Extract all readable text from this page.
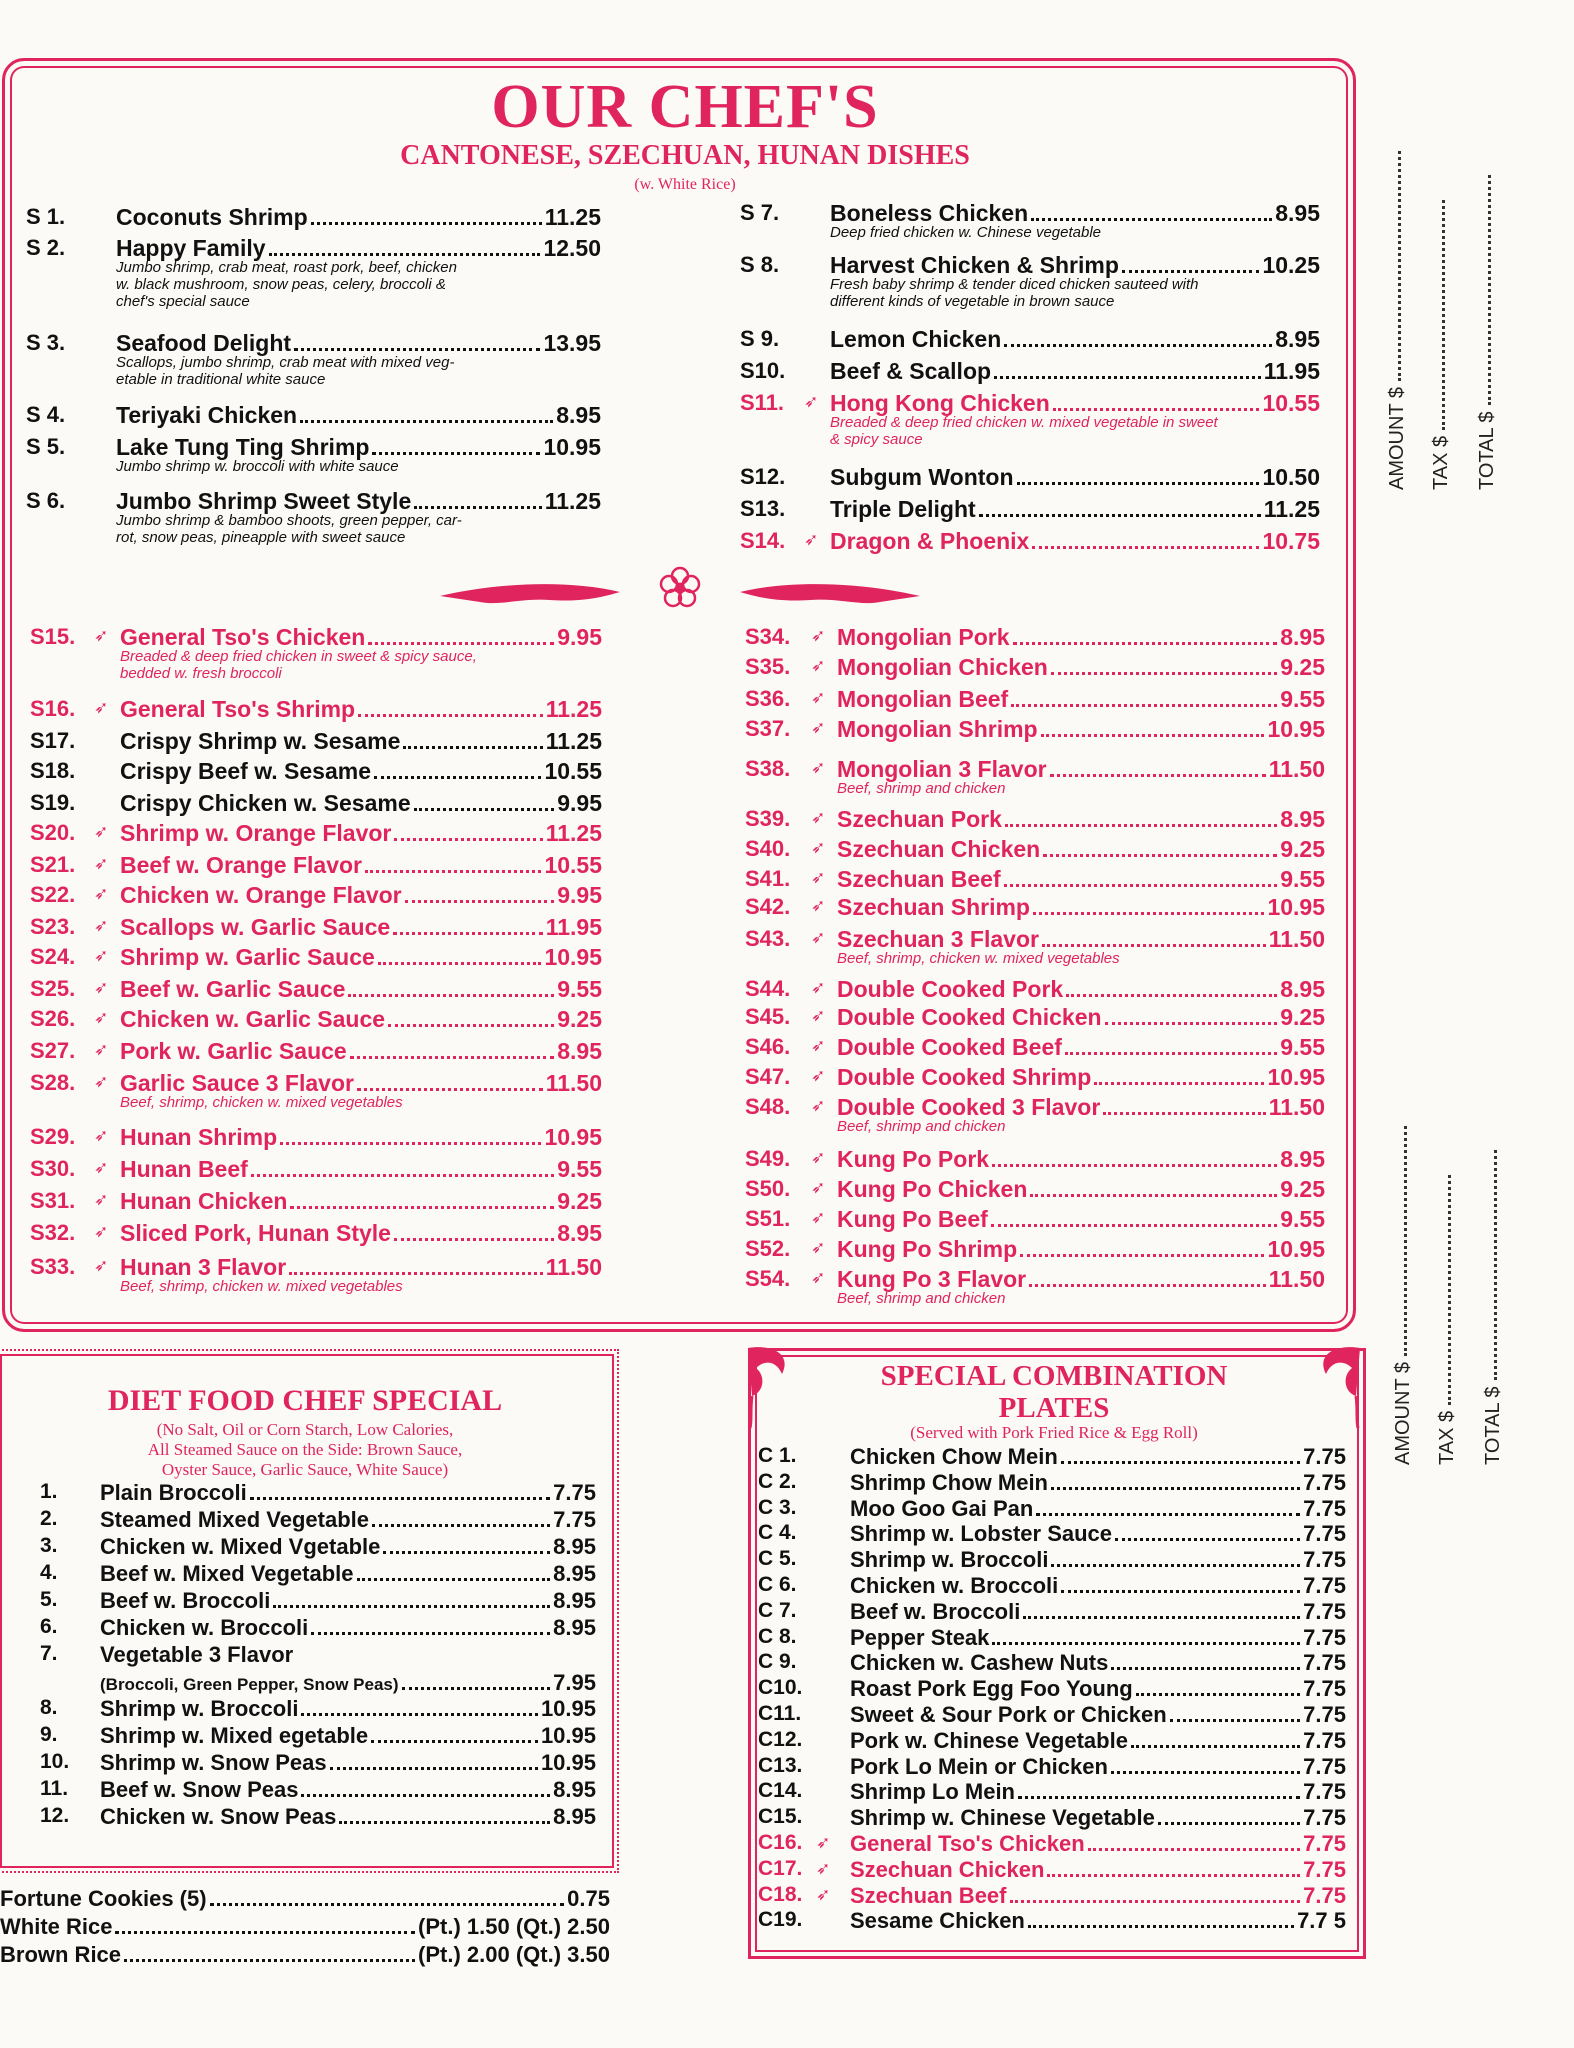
OUR CHEF'S
CANTONESE, SZECHUAN, HUNAN DISHES
(w. White Rice)
S 1. Coconuts Shrimp	11.25
S 2. Happy Family	12.50
Jumbo shrimp, crab meat, roast pork, beef, chicken
w. black mushroom, snow peas, celery, broccoli &
chef's special sauce
S 3. Seafood Delight	13.95
Scallops, jumbo shrimp, crab meat with mixed veg-
etable in traditional white sauce
S 4. Teriyaki Chicken	8.95
S 5. Lake Tung Ting Shrimp	10.95
Jumbo shrimp w. broccoli with white sauce
S 6. Jumbo Shrimp Sweet Style	11.25
Jumbo shrimp & bamboo shoots, green pepper, car-
rot, snow peas, pineapple with sweet sauce
S 7. Boneless Chicken	8.95
Deep fried chicken w. Chinese vegetable
S 8. Harvest Chicken & Shrimp	10.25
Fresh baby shrimp & tender diced chicken sauteed with
different kinds of vegetable in brown sauce
S 9. Lemon Chicken	8.95
S10. Beef & Scallop	11.95
S11. ➶ Hong Kong Chicken	10.55
Breaded & deep fried chicken w. mixed vegetable in sweet
& spicy sauce
S12. Subgum Wonton	10.50
S13. Triple Delight	11.25
S14. ➶ Dragon & Phoenix	10.75
S15. ➶ General Tso's Chicken	9.95
Breaded & deep fried chicken in sweet & spicy sauce,
bedded w. fresh broccoli
S16. ➶ General Tso's Shrimp	11.25
S17. Crispy Shrimp w. Sesame	11.25
S18. Crispy Beef w. Sesame	10.55
S19. Crispy Chicken w. Sesame	9.95
S20. ➶ Shrimp w. Orange Flavor	11.25
S21. ➶ Beef w. Orange Flavor	10.55
S22. ➶ Chicken w. Orange Flavor	9.95
S23. ➶ Scallops w. Garlic Sauce	11.95
S24. ➶ Shrimp w. Garlic Sauce	10.95
S25. ➶ Beef w. Garlic Sauce	9.55
S26. ➶ Chicken w. Garlic Sauce	9.25
S27. ➶ Pork w. Garlic Sauce	8.95
S28. ➶ Garlic Sauce 3 Flavor	11.50
Beef, shrimp, chicken w. mixed vegetables
S29. ➶ Hunan Shrimp	10.95
S30. ➶ Hunan Beef	9.55
S31. ➶ Hunan Chicken	9.25
S32. ➶ Sliced Pork, Hunan Style	8.95
S33. ➶ Hunan 3 Flavor	11.50
Beef, shrimp, chicken w. mixed vegetables
S34. ➶ Mongolian Pork	8.95
S35. ➶ Mongolian Chicken	9.25
S36. ➶ Mongolian Beef	9.55
S37. ➶ Mongolian Shrimp	10.95
S38. ➶ Mongolian 3 Flavor	11.50
Beef, shrimp and chicken
S39. ➶ Szechuan Pork	8.95
S40. ➶ Szechuan Chicken	9.25
S41. ➶ Szechuan Beef	9.55
S42. ➶ Szechuan Shrimp	10.95
S43. ➶ Szechuan 3 Flavor	11.50
Beef, shrimp, chicken w. mixed vegetables
S44. ➶ Double Cooked Pork	8.95
S45. ➶ Double Cooked Chicken	9.25
S46. ➶ Double Cooked Beef	9.55
S47. ➶ Double Cooked Shrimp	10.95
S48. ➶ Double Cooked 3 Flavor	11.50
Beef, shrimp and chicken
S49. ➶ Kung Po Pork	8.95
S50. ➶ Kung Po Chicken	9.25
S51. ➶ Kung Po Beef	9.55
S52. ➶ Kung Po Shrimp	10.95
S54. ➶ Kung Po 3 Flavor	11.50
Beef, shrimp and chicken
AMOUNT $ TAX $ TOTAL $
AMOUNT $ TAX $ TOTAL $
DIET FOOD CHEF SPECIAL
(No Salt, Oil or Corn Starch, Low Calories,
All Steamed Sauce on the Side: Brown Sauce,
Oyster Sauce, Garlic Sauce, White Sauce)
1. Plain Broccoli	7.75
2. Steamed Mixed Vegetable	7.75
3. Chicken w. Mixed Vgetable	8.95
4. Beef w. Mixed Vegetable	8.95
5. Beef w. Broccoli	8.95
6. Chicken w. Broccoli	8.95
7. Vegetable 3 Flavor
(Broccoli, Green Pepper, Snow Peas)	7.95
8. Shrimp w. Broccoli	10.95
9. Shrimp w. Mixed egetable	10.95
10. Shrimp w. Snow Peas	10.95
11. Beef w. Snow Peas	8.95
12. Chicken w. Snow Peas	8.95
Fortune Cookies (5)	0.75
White Rice	(Pt.) 1.50 (Qt.) 2.50
Brown Rice	(Pt.) 2.00 (Qt.) 3.50
SPECIAL COMBINATION
PLATES
(Served with Pork Fried Rice & Egg Roll)
C 1. Chicken Chow Mein	7.75
C 2. Shrimp Chow Mein	7.75
C 3. Moo Goo Gai Pan	7.75
C 4. Shrimp w. Lobster Sauce	7.75
C 5. Shrimp w. Broccoli	7.75
C 6. Chicken w. Broccoli	7.75
C 7. Beef w. Broccoli	7.75
C 8. Pepper Steak	7.75
C 9. Chicken w. Cashew Nuts	7.75
C10. Roast Pork Egg Foo Young	7.75
C11. Sweet & Sour Pork or Chicken	7.75
C12. Pork w. Chinese Vegetable	7.75
C13. Pork Lo Mein or Chicken	7.75
C14. Shrimp Lo Mein	7.75
C15. Shrimp w. Chinese Vegetable	7.75
C16. ➶ General Tso's Chicken	7.75
C17. ➶ Szechuan Chicken	7.75
C18. ➶ Szechuan Beef	7.75
C19. Sesame Chicken	7.7 5
